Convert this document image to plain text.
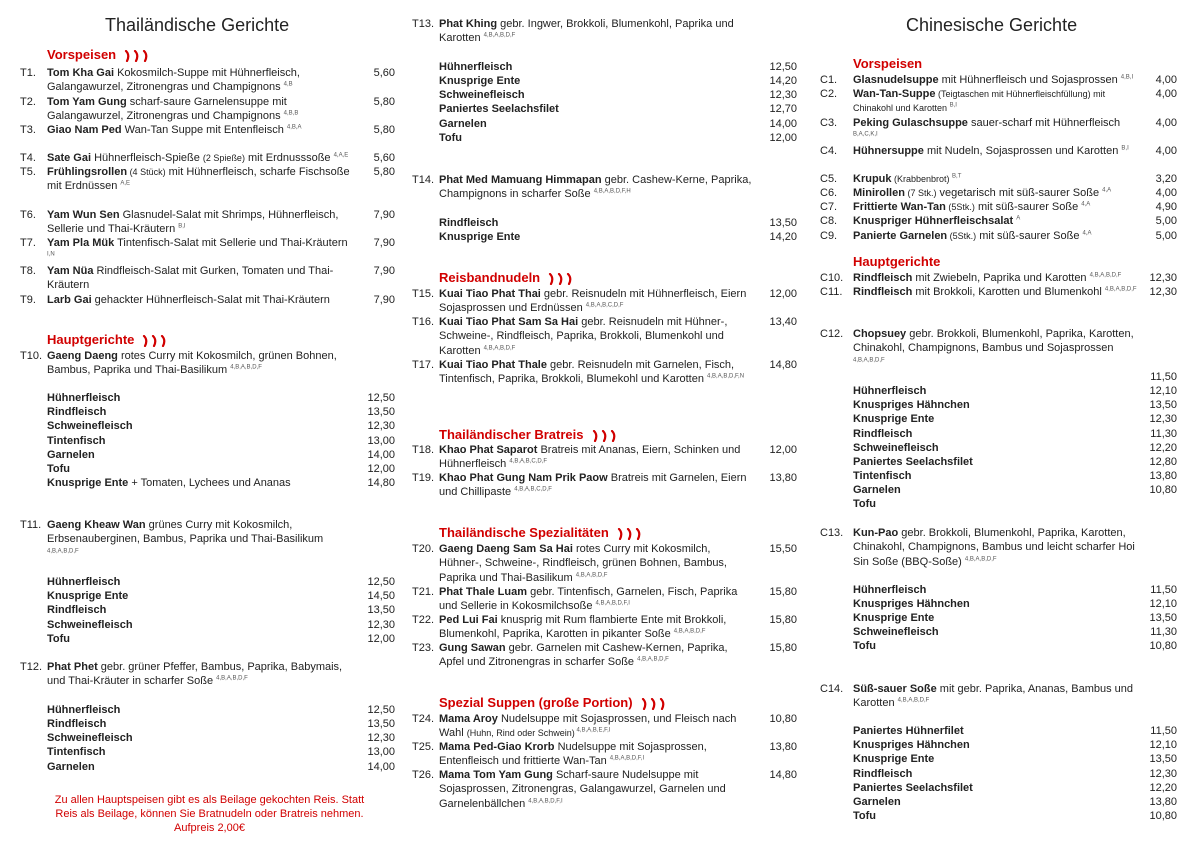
Thailändische Gerichte
Vorspeisen
T1.	Tom Kha Gai Kokosmilch-Suppe mit Hühnerfleisch, Galangawurzel, Zitronengras und Champignons $^{4,B}$
5,60
T2.	Tom Yam Gung scharf-saure Garnelensuppe mit Galangawurzel, Zitronengras und Champignons $^{4,B,B}$
5,80
T3.	Giao Nam Ped Wan-Tan Suppe mit Entenfleisch $^{4,B,A}$	5,80
T4.	Sate Gai Hühnerfleisch-Spieße (2 Spieße) mit Erdnusssoße $^{4,A,E}$	5,60
T5.	Frühlingsrollen (4 Stück) mit Hühnerfleisch, scharfe Fischsoße mit Erdnüssen $^{A,E}$
5,80
T6.	Yam Wun Sen Glasnudel-Salat mit Shrimps, Hühnerfleisch, Sellerie und Thai-Kräutern $^{B,I}$
7,90
T7.	Yam Pla Mük Tintenfisch-Salat mit Sellerie und Thai-Kräutern $^{I,N}$
7,90
T8.	Yam Nüa Rindfleisch-Salat mit Gurken, Tomaten und Thai-Kräutern
7,90
T9.	Larb Gai gehackter Hühnerfleisch-Salat mit Thai-Kräutern	7,90
Hauptgerichte
T10. Gaeng Daeng rotes Curry mit Kokosmilch, grünen Bohnen, Bambus, Paprika und Thai-Basilikum $^{4,B,A,B,D,F}$
Hühnerfleisch	12,50
Rindfleisch	13,50
Schweinefleisch	12,30
Tintenfisch	13,00
Garnelen	14,00
Tofu	12,00
Knusprige Ente + Tomaten, Lychees und Ananas	14,80
T11. Gaeng Kheaw Wan grünes Curry mit Kokosmilch, Erbsenauberginen, Bambus, Paprika und Thai-Basilikum $^{4,B,A,B,D,F}$
Hühnerfleisch	12,50
Knusprige Ente	14,50
Rindfleisch	13,50
Schweinefleisch	12,30
Tofu	12,00
T12. Phat Phet gebr. grüner Pfeffer, Bambus, Paprika, Babymais, und Thai-Kräuter in scharfer Soße $^{4,B,A,B,D,F}$
Hühnerfleisch	12,50
Rindfleisch	13,50
Schweinefleisch	12,30
Tintenfisch	13,00
Garnelen	14,00
Zu allen Hauptspeisen gibt es als Beilage gekochten Reis. Statt Reis als Beilage, können Sie Bratnudeln oder Bratreis nehmen. Aufpreis 2,00€
T13. Phat Khing gebr. Ingwer, Brokkoli, Blumenkohl, Paprika und Karotten $^{4,B,A,B,D,F}$
Hühnerfleisch	12,50
Knusprige Ente	14,20
Schweinefleisch	12,30
Paniertes Seelachsfilet	12,70
Garnelen	14,00
Tofu	12,00
T14. Phat Med Mamuang Himmapan gebr. Cashew-Kerne, Paprika, Champignons in scharfer Soße $^{4,B,A,B,D,F,H}$
Rindfleisch	13,50
Knusprige Ente	14,20
Reisbandnudeln
T15. Kuai Tiao Phat Thai gebr. Reisnudeln mit Hühnerfleisch, Eiern Sojasprossen und Erdnüssen $^{4,B,A,B,C,D,F}$
12,00
T16. Kuai Tiao Phat Sam Sa Hai gebr. Reisnudeln mit Hühner-, Schweine-, Rindfleisch, Paprika, Brokkoli, Blumenkohl und Karotten $^{4,B,A,B,D,F}$
13,40
T17. Kuai Tiao Phat Thale gebr. Reisnudeln mit Garnelen, Fisch, Tintenfisch, Paprika, Brokkoli, Blumekohl und Karotten $^{4,B,A,B,D,F,N}$
14,80
Thailändischer Bratreis
T18. Khao Phat Saparot Bratreis mit Ananas, Eiern, Schinken und Hühnerfleisch $^{4,B,A,B,C,D,F}$
12,00
T19. Khao Phat Gung Nam Prik Paow Bratreis mit Garnelen, Eiern und Chillipaste $^{4,B,A,B,C,D,F}$
13,80
Thailändische Spezialitäten
T20. Gaeng Daeng Sam Sa Hai rotes Curry mit Kokosmilch, Hühner-, Schweine-, Rindfleisch, grünen Bohnen, Bambus, Paprika und Thai-Basilikum $^{4,B,A,B,D,F}$
15,50
T21. Phat Thale Luam gebr. Tintenfisch, Garnelen, Fisch, Paprika und Sellerie in Kokosmilchsoße $^{4,B,A,B,D,F,I}$
15,80
T22. Ped Lui Fai knusprig mit Rum flambierte Ente mit Brokkoli, Blumenkohl, Paprika, Karotten in pikanter Soße $^{4,B,A,B,D,F}$
15,80
T23. Gung Sawan gebr. Garnelen mit Cashew-Kernen, Paprika, Apfel und Zitronengras in scharfer Soße $^{4,B,A,B,D,F}$
15,80
Spezial Suppen (große Portion)
T24. Mama Aroy Nudelsuppe mit Sojasprossen, und Fleisch nach Wahl (Huhn, Rind oder Schwein) $^{4,B,A,B,E,F,I}$
10,80
T25. Mama Ped-Giao Krorb Nudelsuppe mit Sojasprossen, Entenfleisch und frittierte Wan-Tan $^{4,B,A,B,D,F,I}$
13,80
T26. Mama Tom Yam Gung Scharf-saure Nudelsuppe mit Sojasprossen, Zitronengras, Galangawurzel, Garnelen und Garnelenbällchen $^{4,B,A,B,D,F,I}$
14,80
Chinesische Gerichte
Vorspeisen
C1.	Glasnudelsuppe mit Hühnerfleisch und Sojasprossen $^{4,B,I}$	4,00
C2.	Wan-Tan-Suppe (Teigtaschen mit Hühnerfleischfüllung) mit Chinakohl und Karotten $^{B,I}$
4,00
C3.	Peking Gulaschsuppe sauer-scharf mit Hühnerfleisch $^{B,A,C,K,I}$
4,00
C4.	Hühnersuppe mit Nudeln, Sojasprossen und Karotten $^{B,I}$	4,00
C5.	Krupuk (Krabbenbrot) $^{B,T}$	3,20
C6.	Minirollen (7 Stk.) vegetarisch mit süß-saurer Soße $^{4,A}$	4,00
C7.	Frittierte Wan-Tan (5Stk.) mit süß-saurer Soße $^{4,A}$	4,90
C8.	Knuspriger Hühnerfleischsalat $^A$	5,00
C9.	Panierte Garnelen (5Stk.) mit süß-saurer Soße $^{4,A}$	5,00
Hauptgerichte
C10. Rindfleisch mit Zwiebeln, Paprika und Karotten $^{4,B,A,B,D,F}$	12,30
C11. Rindfleisch mit Brokkoli, Karotten und Blumenkohl $^{4,B,A,B,D,F}$	12,30
C12. Chopsuey gebr. Brokkoli, Blumenkohl, Paprika, Karotten, Chinakohl, Champignons, Bambus und Sojasprossen $^{4,B,A,B,D,F}$
11,50
Hühnerfleisch	12,10
Knuspriges Hähnchen	13,50
Knusprige Ente	12,30
Rindfleisch	11,30
Schweinefleisch	12,20
Paniertes Seelachsfilet	12,80
Tintenfisch	13,80
Garnelen	10,80
Tofu
C13. Kun-Pao gebr. Brokkoli, Blumenkohl, Paprika, Karotten, Chinakohl, Champignons, Bambus und leicht scharfer Hoi Sin Soße (BBQ-Soße) $^{4,B,A,B,D,F}$
Hühnerfleisch	11,50
Knuspriges Hähnchen	12,10
Knusprige Ente	13,50
Schweinefleisch	11,30
Tofu	10,80
C14. Süß-sauer Soße mit gebr. Paprika, Ananas, Bambus und Karotten $^{4,B,A,B,D,F}$
Paniertes Hühnerfilet	11,50
Knuspriges Hähnchen	12,10
Knusprige Ente	13,50
Rindfleisch	12,30
Paniertes Seelachsfilet	12,20
Garnelen	13,80
Tofu	10,80
